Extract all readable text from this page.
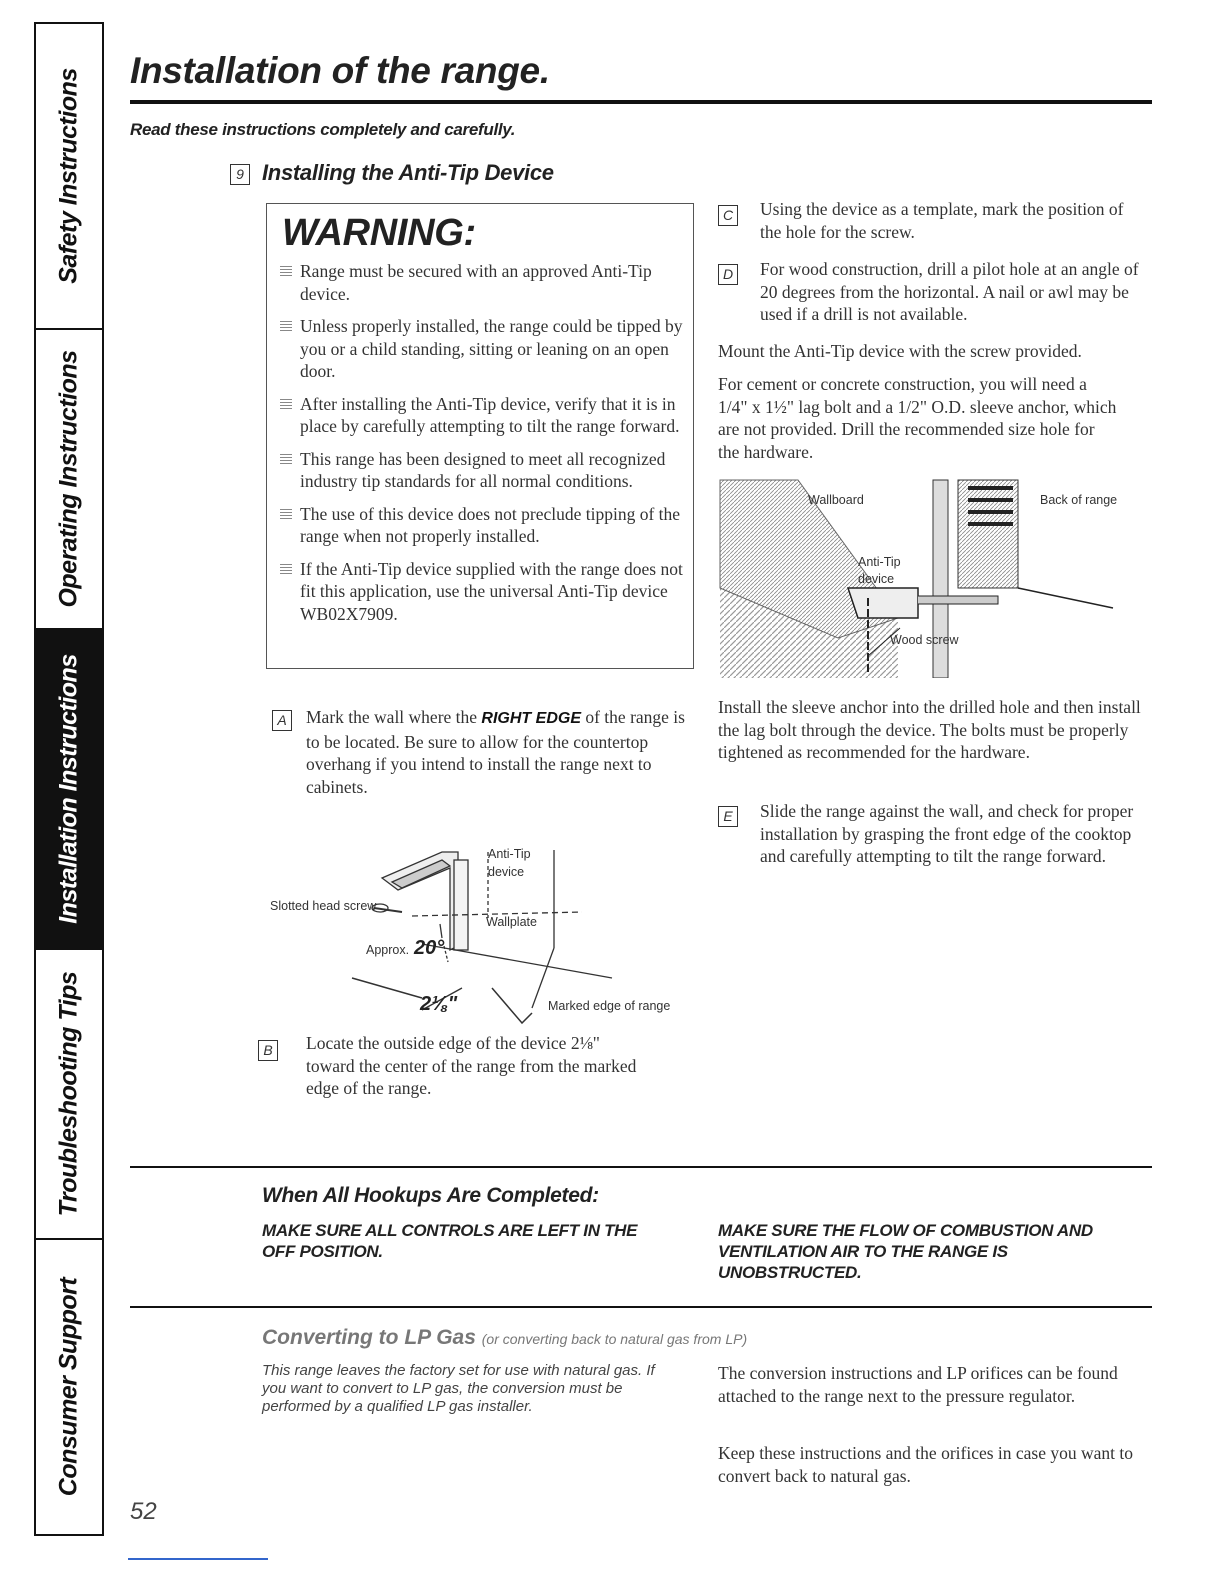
Safety Instructions
Operating Instructions
Installation Instructions
Troubleshooting Tips
Consumer Support
Installation of the range.
Read these instructions completely and carefully.
9 Installing the Anti-Tip Device
WARNING:
Range must be secured with an approved Anti-Tip device.
Unless properly installed, the range could be tipped by you or a child standing, sitting or leaning on an open door.
After installing the Anti-Tip device, verify that it is in place by carefully attempting to tilt the range forward.
This range has been designed to meet all recognized industry tip standards for all normal conditions.
The use of this device does not preclude tipping of the range when not properly installed.
If the Anti-Tip device supplied with the range does not fit this application, use the universal Anti-Tip device WB02X7909.
A	Mark the wall where the RIGHT EDGE of the range is to be located. Be sure to allow for the countertop overhang if you intend to install the range next to cabinets.
Anti-Tip
device
Slotted head screw
Wallplate
Approx. 20°
2⅛"	Marked edge of range
B	Locate the outside edge of the device 2⅛" toward the center of the range from the marked edge of the range.
C Using the device as a template, mark the position of the hole for the screw.
D For wood construction, drill a pilot hole at an angle of 20 degrees from the horizontal. A nail or awl may be used if a drill is not available.
Mount the Anti-Tip device with the screw provided.
For cement or concrete construction, you will need a 1/4" x 1½" lag bolt and a 1/2" O.D. sleeve anchor, which are not provided. Drill the recommended size hole for the hardware.
Wallboard	Back of range
Anti-Tip
device
Wood screw
Install the sleeve anchor into the drilled hole and then install the lag bolt through the device. The bolts must be properly tightened as recommended for the hardware.
E	Slide the range against the wall, and check for proper installation by grasping the front edge of the cooktop and carefully attempting to tilt the range forward.
When All Hookups Are Completed:
MAKE SURE ALL CONTROLS ARE LEFT IN THE OFF POSITION.
MAKE SURE THE FLOW OF COMBUSTION AND VENTILATION AIR TO THE RANGE IS UNOBSTRUCTED.
Converting to LP Gas (or converting back to natural gas from LP)
This range leaves the factory set for use with natural gas. If you want to convert to LP gas, the conversion must be performed by a qualified LP gas installer.
The conversion instructions and LP orifices can be found attached to the range next to the pressure regulator.
Keep these instructions and the orifices in case you want to convert back to natural gas.
52
